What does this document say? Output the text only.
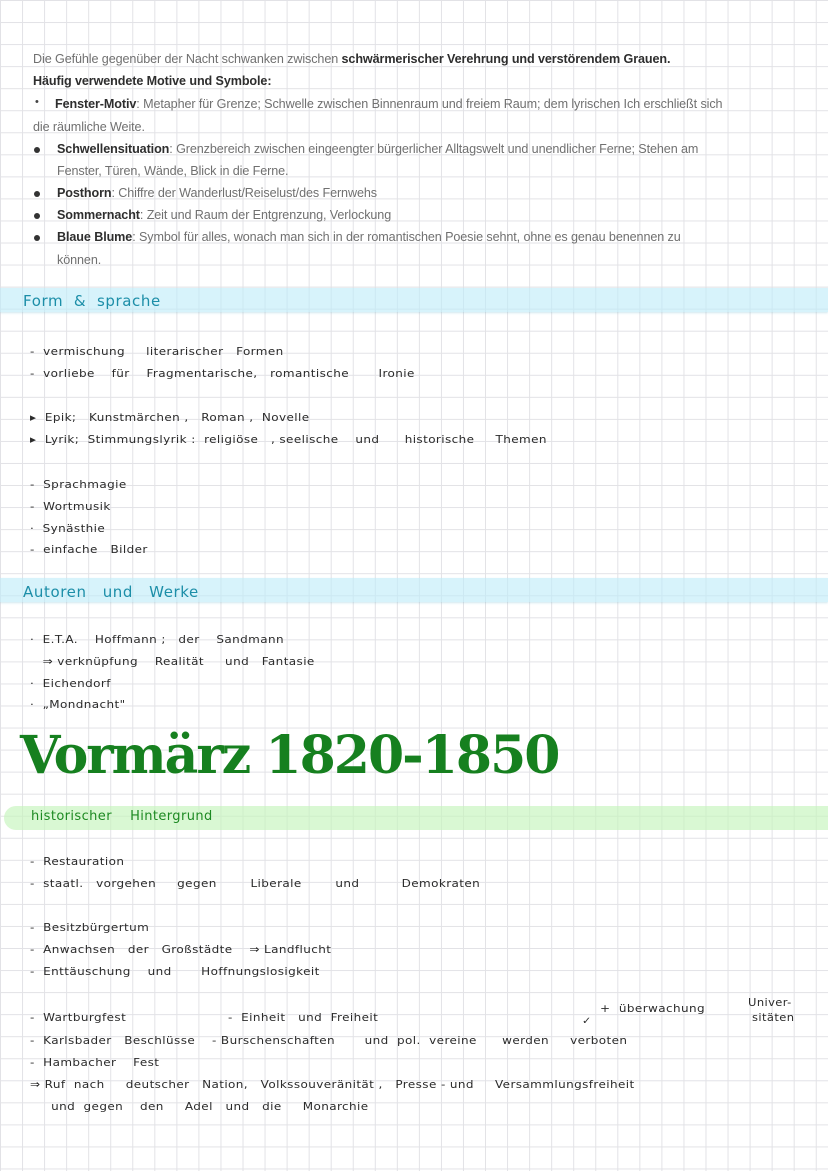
Die Gefühle gegenüber der Nacht schwanken zwischen schwärmerischer Verehrung und verstörendem Grauen.
Häufig verwendete Motive und Symbole:
• Fenster-Motiv: Metapher für Grenze; Schwelle zwischen Binnenraum und freiem Raum; dem lyrischen Ich erschließt sich
die räumliche Weite.
Schwellensituation: Grenzbereich zwischen eingeengter bürgerlicher Alltagswelt und unendlicher Ferne; Stehen am
Fenster, Türen, Wände, Blick in die Ferne.
Posthorn: Chiffre der Wanderlust/Reiselust/des Fernwehs
Sommernacht: Zeit und Raum der Entgrenzung, Verlockung
Blaue Blume: Symbol für alles, wonach man sich in der romantischen Poesie sehnt, ohne es genau benennen zu
können.
Form  &  sprache
-  vermischung     literarischer   Formen
-  vorliebe    für    Fragmentarische,   romantische       Ironie
▸  Epik;   Kunstmärchen ,   Roman ,  Novelle
▸  Lyrik;  Stimmungslyrik :  religiöse   , seelische    und      historische     Themen
-  Sprachmagie
-  Wortmusik
·  Synästhie
-  einfache   Bilder
Autoren   und   Werke
·  E.T.A.    Hoffmann ;   der    Sandmann
⇒ verknüpfung    Realität     und   Fantasie
·  Eichendorf
·  „Mondnacht"
Vormärz 1820-1850
historischer    Hintergrund
-  Restauration
-  staatl.   vorgehen     gegen        Liberale        und          Demokraten
-  Besitzbürgertum
-  Anwachsen   der   Großstädte    ⇒ Landflucht
-  Enttäuschung    und       Hoffnungslosigkeit
-  Wartburgfest	-  Einheit   und  Freiheit	✓
+  überwachung	Univer-
sitäten
-  Karlsbader   Beschlüsse    - Burschenschaften       und  pol.  vereine      werden     verboten
-  Hambacher    Fest
⇒ Ruf  nach     deutscher   Nation,   Volkssouveränität ,   Presse - und     Versammlungsfreiheit
und  gegen    den     Adel   und   die     Monarchie
